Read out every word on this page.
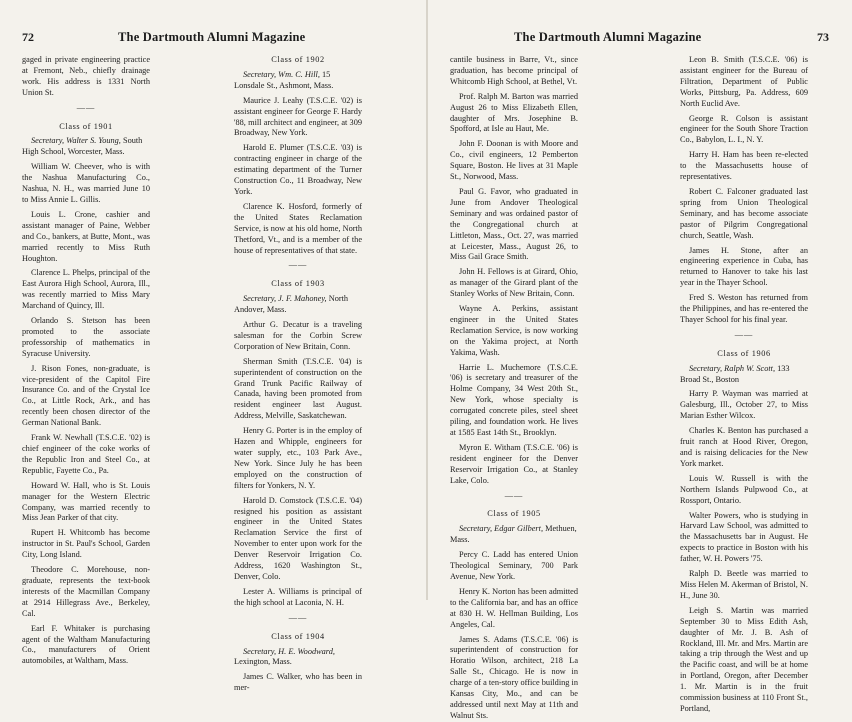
72	The Dartmouth Alumni Magazine

gaged in private engineering practice at Fremont, Neb., chiefly drainage work. His address is 1331 North Union St.

——
Class of 1901

Secretary, Walter S. Young, South High School, Worcester, Mass.

William W. Cheever, who is with the Nashua Manufacturing Co., Nashua, N. H., was married June 10 to Miss Annie L. Gillis.

Louis L. Crone, cashier and assistant manager of Paine, Webber and Co., bankers, at Butte, Mont., was married recently to Miss Ruth Houghton.

Clarence L. Phelps, principal of the East Aurora High School, Aurora, Ill., was recently married to Miss Mary Marchand of Quincy, Ill.

Orlando S. Stetson has been promoted to the associate professorship of mathematics in Syracuse University.

J. Rison Fones, non-graduate, is vice-president of the Capitol Fire Insurance Co. and of the Crystal Ice Co., at Little Rock, Ark., and has recently been chosen director of the German National Bank.

Frank W. Newhall (T.S.C.E. '02) is chief engineer of the coke works of the Republic Iron and Steel Co., at Republic, Fayette Co., Pa.

Howard W. Hall, who is St. Louis manager for the Western Electric Company, was married recently to Miss Jean Parker of that city.

Rupert H. Whitcomb has become instructor in St. Paul's School, Garden City, Long Island.

Theodore C. Morehouse, non-graduate, represents the text-book interests of the Macmillan Company at 2914 Hillegrass Ave., Berkeley, Cal.

Earl F. Whitaker is purchasing agent of the Waltham Manufacturing Co., manufacturers of Orient automobiles, at Waltham, Mass.

Class of 1902

Secretary, Wm. C. Hill, 15 Lonsdale St., Ashmont, Mass.

Maurice J. Leahy (T.S.C.E. '02) is assistant engineer for George F. Hardy '88, mill architect and engineer, at 309 Broadway, New York.

Harold E. Plumer (T.S.C.E. '03) is contracting engineer in charge of the estimating department of the Turner Construction Co., 11 Broadway, New York.

Clarence K. Hosford, formerly of the United States Reclamation Service, is now at his old home, North Thetford, Vt., and is a member of the house of representatives of that state.

——
Class of 1903

Secretary, J. F. Mahoney, North Andover, Mass.

Arthur G. Decatur is a traveling salesman for the Corbin Screw Corporation of New Britain, Conn.

Sherman Smith (T.S.C.E. '04) is superintendent of construction on the Grand Trunk Pacific Railway of Canada, having been promoted from resident engineer last August. Address, Melville, Saskatchewan.

Henry G. Porter is in the employ of Hazen and Whipple, engineers for water supply, etc., 103 Park Ave., New York. Since July he has been employed on the construction of filters for Yonkers, N. Y.

Harold D. Comstock (T.S.C.E. '04) resigned his position as assistant engineer in the United States Reclamation Service the first of November to enter upon work for the Denver Reservoir Irrigation Co. Address, 1620 Washington St., Denver, Colo.

Lester A. Williams is principal of the high school at Laconia, N. H.

——
Class of 1904

Secretary, H. E. Woodward, Lexington, Mass.

James C. Walker, who has been in mer-

The Dartmouth Alumni Magazine	73

cantile business in Barre, Vt., since graduation, has become principal of Whitcomb High School, at Bethel, Vt.

Prof. Ralph M. Barton was married August 26 to Miss Elizabeth Ellen, daughter of Mrs. Josephine B. Spofford, at Isle au Haut, Me.

John F. Doonan is with Moore and Co., civil engineers, 12 Pemberton Square, Boston. He lives at 31 Maple St., Norwood, Mass.

Paul G. Favor, who graduated in June from Andover Theological Seminary and was ordained pastor of the Congregational church at Littleton, Mass., Oct. 27, was married at Leicester, Mass., August 26, to Miss Gail Grace Smith.

John H. Fellows is at Girard, Ohio, as manager of the Girard plant of the Stanley Works of New Britain, Conn.

Wayne A. Perkins, assistant engineer in the United States Reclamation Service, is now working on the Yakima project, at North Yakima, Wash.

Harrie L. Muchemore (T.S.C.E. '06) is secretary and treasurer of the Holme Company, 34 West 20th St., New York, whose specialty is corrugated concrete piles, steel sheet piling, and foundation work. He lives at 1585 East 14th St., Brooklyn.

Myron E. Witham (T.S.C.E. '06) is resident engineer for the Denver Reservoir Irrigation Co., at Stanley Lake, Colo.

——
Class of 1905

Secretary, Edgar Gilbert, Methuen, Mass.

Percy C. Ladd has entered Union Theological Seminary, 700 Park Avenue, New York.

Henry K. Norton has been admitted to the California bar, and has an office at 830 H. W. Hellman Building, Los Angeles, Cal.

James S. Adams (T.S.C.E. '06) is superintendent of construction for Horatio Wilson, architect, 218 La Salle St., Chicago. He is now in charge of a ten-story office building in Kansas City, Mo., and can be addressed until next May at 11th and Walnut Sts.

Leon B. Smith (T.S.C.E. '06) is assistant engineer for the Bureau of Filtration, Department of Public Works, Pittsburg, Pa. Address, 609 North Euclid Ave.

George R. Colson is assistant engineer for the South Shore Traction Co., Babylon, L. I., N. Y.

Harry H. Ham has been re-elected to the Massachusetts house of representatives.

Robert C. Falconer graduated last spring from Union Theological Seminary, and has become associate pastor of Pilgrim Congregational church, Seattle, Wash.

James H. Stone, after an engineering experience in Cuba, has returned to Hanover to take his last year in the Thayer School.

Fred S. Weston has returned from the Philippines, and has re-entered the Thayer School for his final year.

——
Class of 1906

Secretary, Ralph W. Scott, 133 Broad St., Boston

Harry P. Wayman was married at Galesburg, Ill., October 27, to Miss Marian Esther Wilcox.

Charles K. Benton has purchased a fruit ranch at Hood River, Oregon, and is raising delicacies for the New York market.

Louis W. Russell is with the Northern Islands Pulpwood Co., at Rossport, Ontario.

Walter Powers, who is studying in Harvard Law School, was admitted to the Massachusetts bar in August. He expects to practice in Boston with his father, W. H. Powers '75.

Ralph D. Beetle was married to Miss Helen M. Akerman of Bristol, N. H., June 30.

Leigh S. Martin was married September 30 to Miss Edith Ash, daughter of Mr. J. B. Ash of Rockland, Ill. Mr. and Mrs. Martin are taking a trip through the West and up the Pacific coast, and will be at home in Portland, Oregon, after December 1. Mr. Martin is in the fruit commission business at 110 Front St., Portland,
